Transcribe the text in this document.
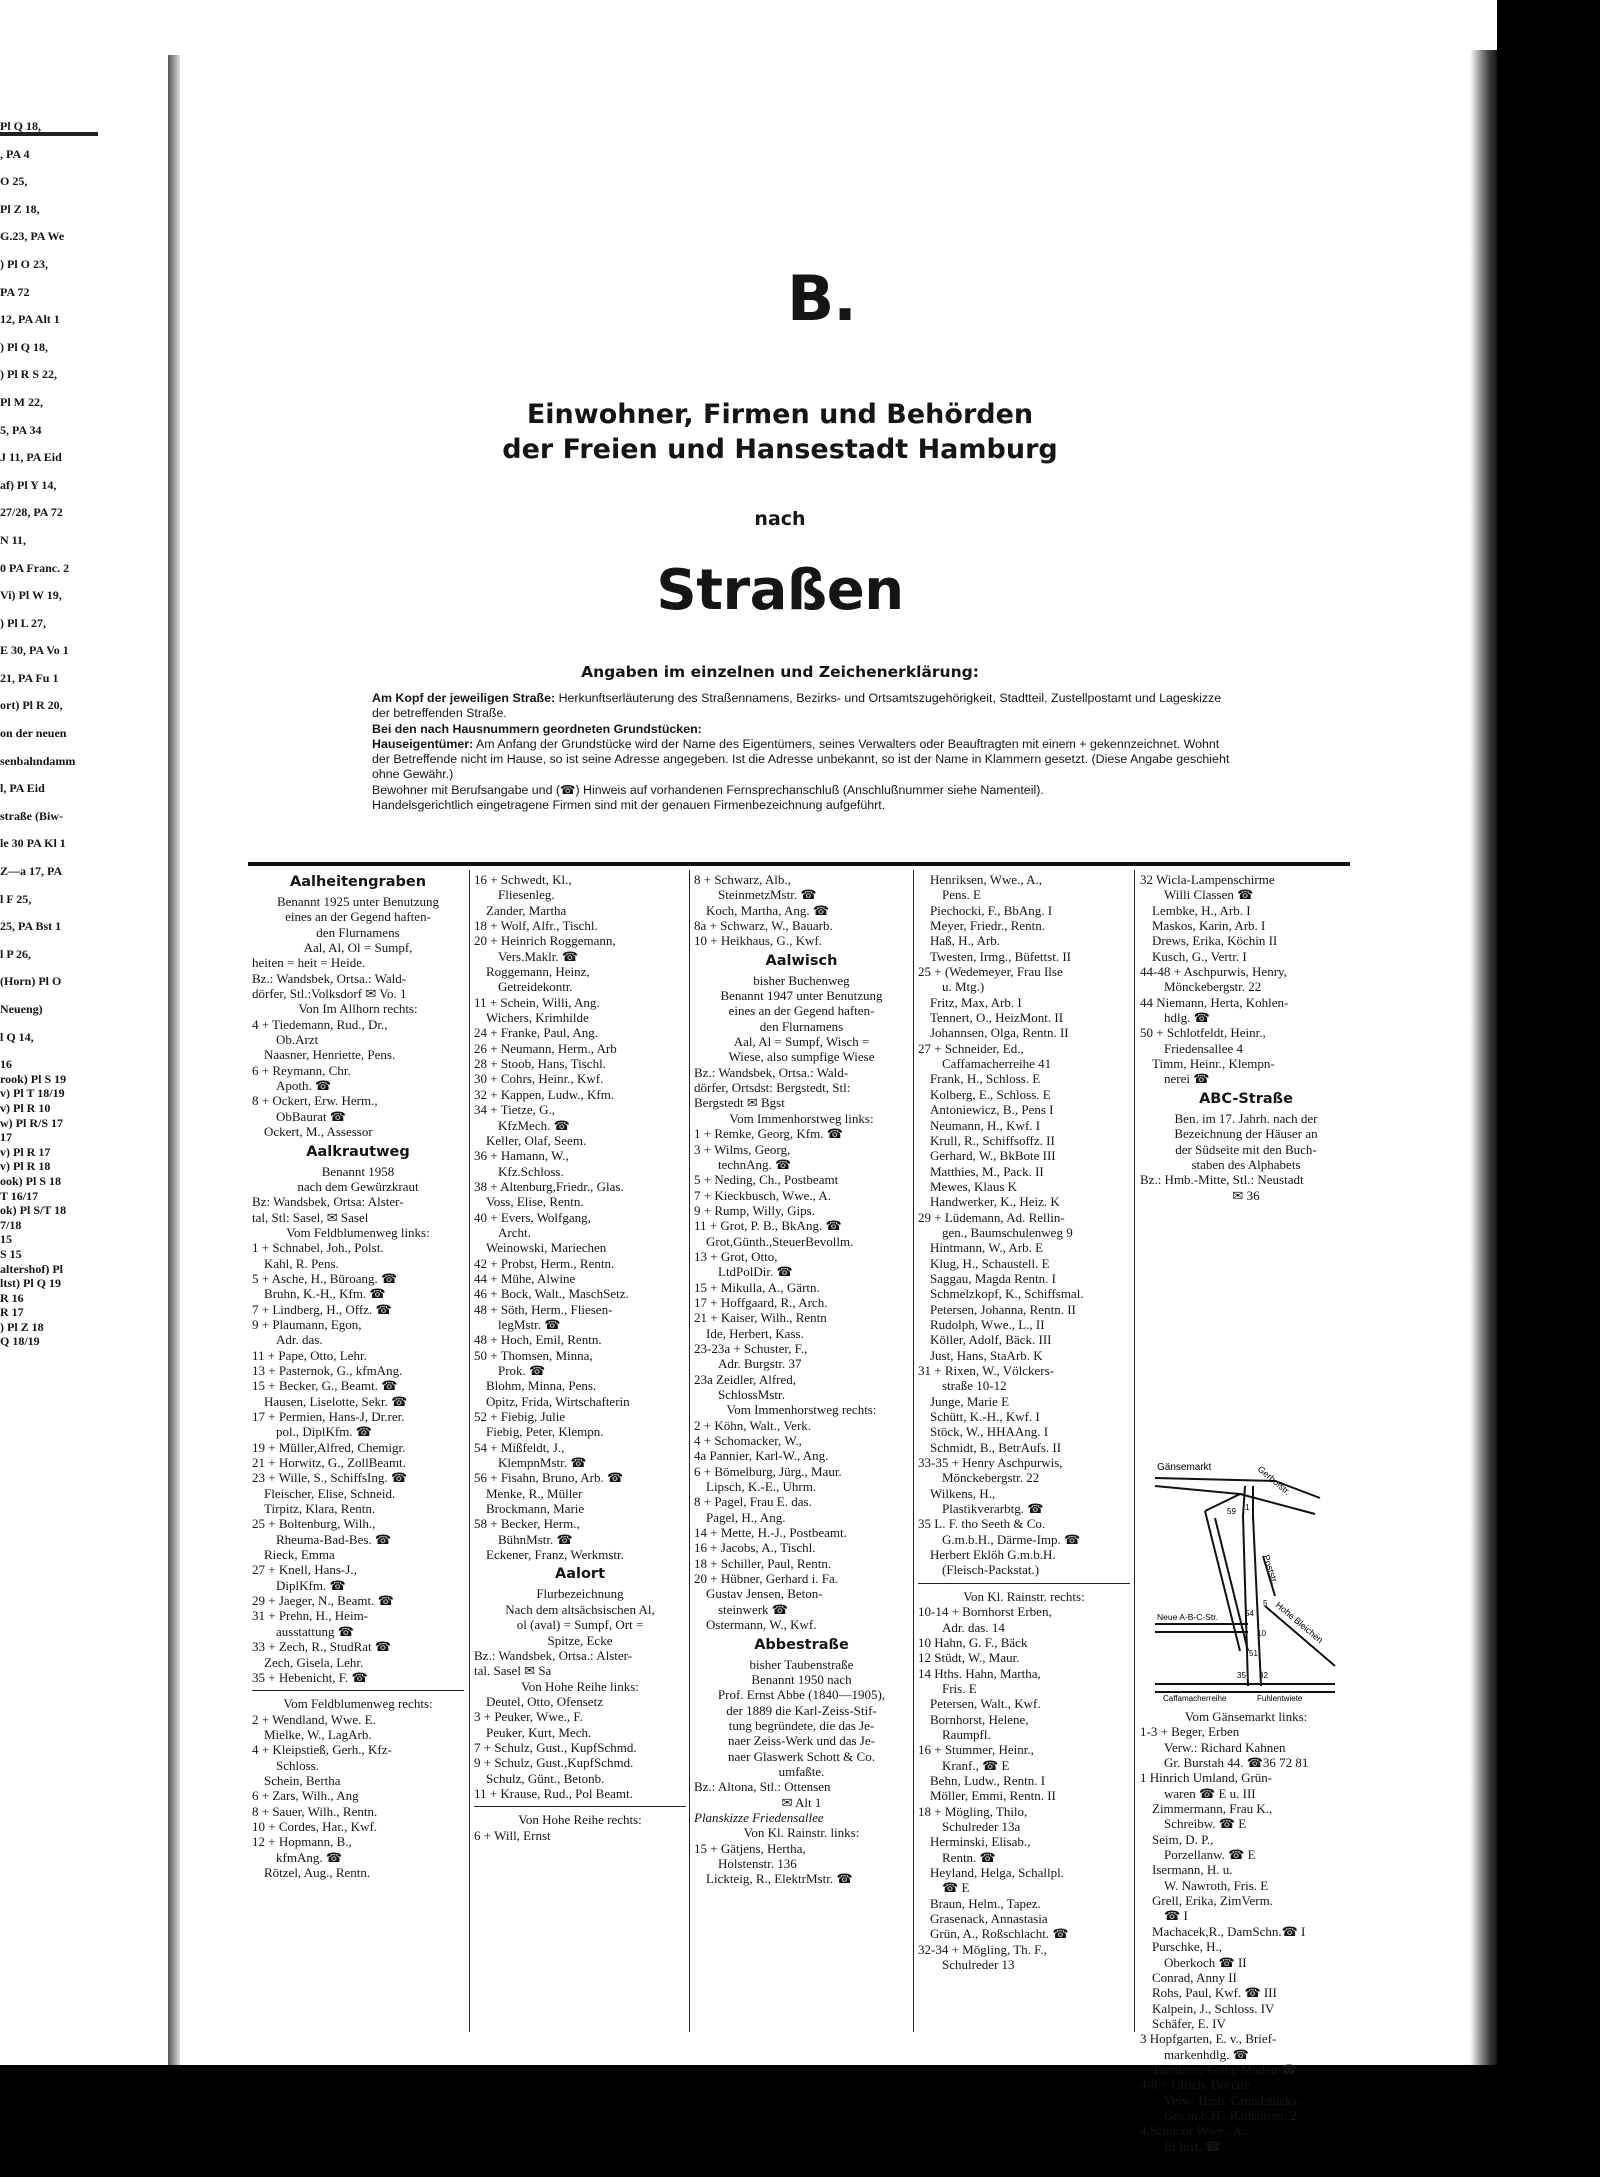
Pl Q 18,
, PA 4
O 25,
Pl Z 18,
G.23, PA We
) Pl O 23,
PA 72
12, PA Alt 1
) Pl Q 18,
) Pl R S 22,
Pl M 22,
5, PA 34
J 11, PA Eid
af) Pl Y 14,
27/28, PA 72
N 11,
0 PA Franc. 2
Vi) Pl W 19,
) Pl L 27,
E 30, PA Vo 1
21, PA Fu 1
ort) Pl R 20,
on der neuen
senbahndamm
l, PA Eid
straße (Biw-
le 30 PA Kl 1
Z—a 17, PA
l F 25,
25, PA Bst 1
l P 26,
(Horn) Pl O
Neueng)
l Q 14,
16
rook) Pl S 19
v) Pl T 18/19
v) Pl R 10
w) Pl R/S 17
17
v) Pl R 17
v) Pl R 18
ook) Pl S 18
T 16/17
ok) Pl S/T 18
7/18
15
S 15
altershof) Pl
ltst) Pl Q 19
R 16
R 17
) Pl Z 18
Q 18/19
B.
Einwohner, Firmen und Behörden
der Freien und Hansestadt Hamburg
nach
Straßen
Angaben im einzelnen und Zeichenerklärung:

Am Kopf der jeweiligen Straße: Herkunftserläuterung des Straßennamens, Bezirks- und Ortsamtszugehörigkeit, Stadtteil, Zustellpostamt und Lageskizze der betreffenden Straße.

Bei den nach Hausnummern geordneten Grundstücken:

Hauseigentümer: Am Anfang der Grundstücke wird der Name des Eigentümers, seines Verwalters oder Beauftragten mit einem + gekennzeichnet. Wohnt der Betreffende nicht im Hause, so ist seine Adresse angegeben. Ist die Adresse unbekannt, so ist der Name in Klammern gesetzt. (Diese Angabe geschieht ohne Gewähr.)

Bewohner mit Berufsangabe und (☎) Hinweis auf vorhandenen Fernsprechanschluß (Anschlußnummer siehe Namenteil).

Handelsgerichtlich eingetragene Firmen sind mit der genauen Firmenbezeichnung aufgeführt.

Aalheitengraben
Benannt 1925 unter Benutzung
eines an der Gegend haften-
den Flurnamens
Aal, Al, Ol = Sumpf,
heiten = heit = Heide.
Bz.: Wandsbek, Ortsa.: Wald-
dörfer, Stl.:Volksdorf ✉ Vo. 1
Von Im Allhorn rechts:
4 + Tiedemann, Rud., Dr.,
Ob.Arzt
Naasner, Henriette, Pens.
6 + Reymann, Chr.
Apoth. ☎
8 + Ockert, Erw. Herm.,
ObBaurat ☎
Ockert, M., Assessor
Aalkrautweg
Benannt 1958
nach dem Gewürzkraut
Bz: Wandsbek, Ortsa: Alster-
tal, Stl: Sasel, ✉ Sasel
Vom Feldblumenweg links:
1 + Schnabel, Joh., Polst.
Kahl, R. Pens.
5 + Asche, H., Büroang. ☎
Bruhn, K.-H., Kfm. ☎
7 + Lindberg, H., Offz. ☎
9 + Plaumann, Egon,
Adr. das.
11 + Pape, Otto, Lehr.
13 + Pasternok, G., kfmAng.
15 + Becker, G., Beamt. ☎
Hausen, Liselotte, Sekr. ☎
17 + Permien, Hans-J, Dr.rer.
pol., DiplKfm. ☎
19 + Müller,Alfred, Chemigr.
21 + Horwitz, G., ZollBeamt.
23 + Wille, S., SchiffsIng. ☎
Fleischer, Elise, Schneid.
Tirpitz, Klara, Rentn.
25 + Boltenburg, Wilh.,
Rheuma-Bad-Bes. ☎
Rieck, Emma
27 + Knell, Hans-J.,
DiplKfm. ☎
29 + Jaeger, N., Beamt. ☎
31 + Prehn, H., Heim-
ausstattung ☎
33 + Zech, R., StudRat ☎
Zech, Gisela, Lehr.
35 + Hebenicht, F. ☎
Vom Feldblumenweg rechts:
2 + Wendland, Wwe. E.
Mielke, W., LagArb.
4 + Kleipstieß, Gerh., Kfz-
Schloss.
Schein, Bertha
6 + Zars, Wilh., Ang
8 + Sauer, Wilh., Rentn.
10 + Cordes, Har., Kwf.
12 + Hopmann, B.,
kfmAng. ☎
Rötzel, Aug., Rentn.
16 + Schwedt, Kl.,
Fliesenleg.
Zander, Martha
18 + Wolf, Alfr., Tischl.
20 + Heinrich Roggemann,
Vers.Maklr. ☎
Roggemann, Heinz,
Getreidekontr.
11 + Schein, Willi, Ang.
Wichers, Krimhilde
24 + Franke, Paul, Ang.
26 + Neumann, Herm., Arb
28 + Stoob, Hans, Tischl.
30 + Cohrs, Heinr., Kwf.
32 + Kappen, Ludw., Kfm.
34 + Tietze, G.,
KfzMech. ☎
Keller, Olaf, Seem.
36 + Hamann, W.,
Kfz.Schloss.
38 + Altenburg,Friedr., Glas.
Voss, Elise, Rentn.
40 + Evers, Wolfgang,
Archt.
Weinowski, Mariechen
42 + Probst, Herm., Rentn.
44 + Mühe, Alwine
46 + Bock, Walt., MaschSetz.
48 + Söth, Herm., Fliesen-
legMstr. ☎
48 + Hoch, Emil, Rentn.
50 + Thomsen, Minna,
Prok. ☎
Blohm, Minna, Pens.
Opitz, Frida, Wirtschafterin
52 + Fiebig, Julie
Fiebig, Peter, Klempn.
54 + Mißfeldt, J.,
KlempnMstr. ☎
56 + Fisahn, Bruno, Arb. ☎
Menke, R., Müller
Brockmann, Marie
58 + Becker, Herm.,
BühnMstr. ☎
Eckener, Franz, Werkmstr.
Aalort
Flurbezeichnung
Nach dem altsächsischen Al,
ol (aval) = Sumpf, Ort =
Spitze, Ecke
Bz.: Wandsbek, Ortsa.: Alster-
tal. Sasel ✉ Sa
Von Hohe Reihe links:
Deutel, Otto, Ofensetz
3 + Peuker, Wwe., F.
Peuker, Kurt, Mech.
7 + Schulz, Gust., KupfSchmd.
9 + Schulz, Gust.,KupfSchmd.
Schulz, Günt., Betonb.
11 + Krause, Rud., Pol Beamt.
Von Hohe Reihe rechts:
6 + Will, Ernst
8 + Schwarz, Alb.,
SteinmetzMstr. ☎
Koch, Martha, Ang. ☎
8a + Schwarz, W., Bauarb.
10 + Heikhaus, G., Kwf.
Aalwisch
bisher Buchenweg
Benannt 1947 unter Benutzung
eines an der Gegend haften-
den Flurnamens
Aal, Al = Sumpf, Wisch =
Wiese, also sumpfige Wiese
Bz.: Wandsbek, Ortsa.: Wald-
dörfer, Ortsdst: Bergstedt, Stl:
Bergstedt ✉ Bgst
Vom Immenhorstweg links:
1 + Remke, Georg, Kfm. ☎
3 + Wilms, Georg,
technAng. ☎
5 + Neding, Ch., Postbeamt
7 + Kieckbusch, Wwe., A.
9 + Rump, Willy, Gips.
11 + Grot, P. B., BkAng. ☎
Grot,Günth.,SteuerBevollm.
13 + Grot, Otto,
LtdPolDir. ☎
15 + Mikulla, A., Gärtn.
17 + Hoffgaard, R., Arch.
21 + Kaiser, Wilh., Rentn
Ide, Herbert, Kass.
23-23a + Schuster, F.,
Adr. Burgstr. 37
23a Zeidler, Alfred,
SchlossMstr.
Vom Immenhorstweg rechts:
2 + Köhn, Walt., Verk.
4 + Schomacker, W.,
4a Pannier, Karl-W., Ang.
6 + Bömelburg, Jürg., Maur.
Lipsch, K.-E., Uhrm.
8 + Pagel, Frau E. das.
Pagel, H., Ang.
14 + Mette, H.-J., Postbeamt.
16 + Jacobs, A., Tischl.
18 + Schiller, Paul, Rentn.
20 + Hübner, Gerhard i. Fa.
Gustav Jensen, Beton-
steinwerk ☎
Ostermann, W., Kwf.
Abbestraße
bisher Taubenstraße
Benannt 1950 nach
Prof. Ernst Abbe (1840—1905),
der 1889 die Karl-Zeiss-Stif-
tung begründete, die das Je-
naer Zeiss-Werk und das Je-
naer Glaswerk Schott & Co.
umfaßte.
Bz.: Altona, Stl.: Ottensen
✉ Alt 1
Planskizze Friedensallee
Von Kl. Rainstr. links:
15 + Gätjens, Hertha,
Holstenstr. 136
Lickteig, R., ElektrMstr. ☎
Henriksen, Wwe., A.,
Pens. E
Piechocki, F., BbAng. I
Meyer, Friedr., Rentn.
Haß, H., Arb.
Twesten, Irmg., Büfettst. II
25 + (Wedemeyer, Frau Ilse
u. Mtg.)
Fritz, Max, Arb. I
Tennert, O., HeizMont. II
Johannsen, Olga, Rentn. II
27 + Schneider, Ed.,
Caffamacherreihe 41
Frank, H., Schloss. E
Kolberg, E., Schloss. E
Antoniewicz, B., Pens I
Neumann, H., Kwf. I
Krull, R., Schiffsoffz. II
Gerhard, W., BkBote III
Matthies, M., Pack. II
Mewes, Klaus K
Handwerker, K., Heiz. K
29 + Lüdemann, Ad. Rellin-
gen., Baumschulenweg 9
Hintmann, W., Arb. E
Klug, H., Schaustell. E
Saggau, Magda Rentn. I
Schmelzkopf, K., Schiffsmal.
Petersen, Johanna, Rentn. II
Rudolph, Wwe., L., II
Köller, Adolf, Bäck. III
Just, Hans, StaArb. K
31 + Rixen, W., Völckers-
straße 10-12
Junge, Marie E
Schütt, K.-H., Kwf. I
Stöck, W., HHAAng. I
Schmidt, B., BetrAufs. II
33-35 + Henry Aschpurwis,
Mönckebergstr. 22
Wilkens, H.,
Plastikverarbtg. ☎
35 L. F. tho Seeth & Co.
G.m.b.H., Därme-Imp. ☎
Herbert Eklöh G.m.b.H.
(Fleisch-Packstat.)
Von Kl. Rainstr. rechts:
10-14 + Bornhorst Erben,
Adr. das. 14
10 Hahn, G. F., Bäck
12 Stüdt, W., Maur.
14 Hths. Hahn, Martha,
Fris. E
Petersen, Walt., Kwf.
Bornhorst, Helene,
Raumpfl.
16 + Stummer, Heinr.,
Kranf., ☎ E
Behn, Ludw., Rentn. I
Möller, Emmi, Rentn. II
18 + Mögling, Thilo,
Schulreder 13a
Herminski, Elisab.,
Rentn. ☎
Heyland, Helga, Schallpl.
☎ E
Braun, Helm., Tapez.
Grasenack, Annastasia
Grün, A., Roßschlacht. ☎
32-34 + Mögling, Th. F.,
Schulreder 13
32 Wicla-Lampenschirme
Willi Classen ☎
Lembke, H., Arb. I
Maskos, Karin, Arb. I
Drews, Erika, Köchin II
Kusch, G., Vertr. I
44-48 + Aschpurwis, Henry,
Mönckebergstr. 22
44 Niemann, Herta, Kohlen-
hdlg. ☎
50 + Schlotfeldt, Heinr.,
Friedensallee 4
Timm, Heinr., Klempn-
nerei ☎
ABC-Straße
Ben. im 17. Jahrh. nach der
Bezeichnung der Häuser an
der Südseite mit den Buch-
staben des Alphabets
Bz.: Hmb.-Mitte, Stl.: Neustadt
✉ 36
Vom Gänsemarkt links:
1-3 + Beger, Erben
Verw.: Richard Kahnen
Gr. Burstah 44. ☎36 72 81
1 Hinrich Umland, Grün-
waren ☎ E u. III
Zimmermann, Frau K.,
Schreibw. ☎ E
Seim, D. P.,
Porzellanw. ☎ E
Isermann, H. u.
W. Nawroth, Fris. E
Grell, Erika, ZimVerm.
☎ I
Machacek,R., DamSchn.☎ I
Purschke, H.,
Oberkoch ☎ II
Conrad, Anny II
Rohs, Paul, Kwf. ☎ III
Kalpein, J., Schloss. IV
Schäfer, E. IV
3 Hopfgarten, E. v., Brief-
markenhdlg. ☎
Taumann, Lolla, Moden ☎
4-8 + Ulrich, Dorette
Verw: Hmb. Grundstücks-
Ges.m.b.H., Rathausstr. 2
4 Schnoor Wwe., A.,
El.Inst. ☎
Gänsemarkt	Gerhofstr.
Poststr.
Hohe Bleichen
Neue A-B-C-Str.
Caffamacherreihe	Fuhlentwiete
59 1
5
54
10
35 32
51
